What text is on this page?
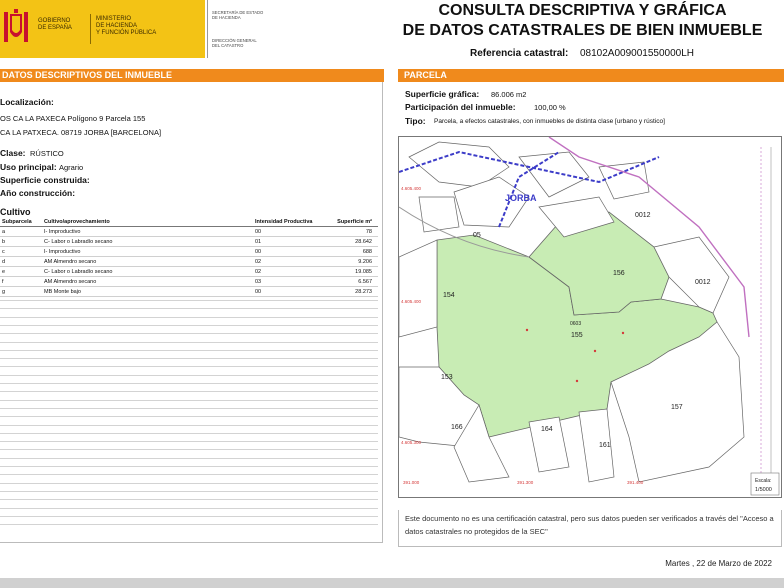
GOBIERNO
DE ESPAÑA
MINISTERIO
DE HACIENDA
Y FUNCIÓN PÚBLICA
SECRETARÍA DE ESTADO
DE HACIENDA
DIRECCIÓN GENERAL
DEL CATASTRO
CONSULTA DESCRIPTIVA Y GRÁFICA
DE DATOS CATASTRALES DE BIEN INMUEBLE
Referencia catastral: 08102A009001550000LH
DATOS DESCRIPTIVOS DEL INMUEBLE
Localización:
OS CA LA PAXECA Polígono 9 Parcela 155
CA LA PATXECA. 08719 JORBA [BARCELONA]
Clase: RÚSTICO
Uso principal: Agrario
Superficie construida:
Año construcción:
Cultivo
Subparcela Cultivo/aprovechamiento	Intensidad Productiva	Superficie m²
a	I- Improductivo	00	78
b	C- Labor o Labradío secano	01	28.642
c	I- Improductivo	00	688
d	AM Almendro secano	02	9.206
e	C- Labor o Labradío secano	02	19.085
f	AM Almendro secano	03	6.567
g	MB Monte bajo	00	28.273
PARCELA
Superficie gráfica: 86.006 m2
Participación del inmueble: 100,00 %
Tipo: Parcela, a efectos catastrales, con inmuebles de distinta clase [urbano y rústico]
JORBA
05
0012
156
0012
154
0603
155
153
166	164
161
157
4.605.400
4.605.400
4.605.300
391.000	391.300	391.400	Escala:
1/5000
Este documento no es una certificación catastral, pero sus datos pueden ser verificados a través del "Acceso a datos catastrales no protegidos de la SEC"
Martes , 22 de Marzo de 2022
